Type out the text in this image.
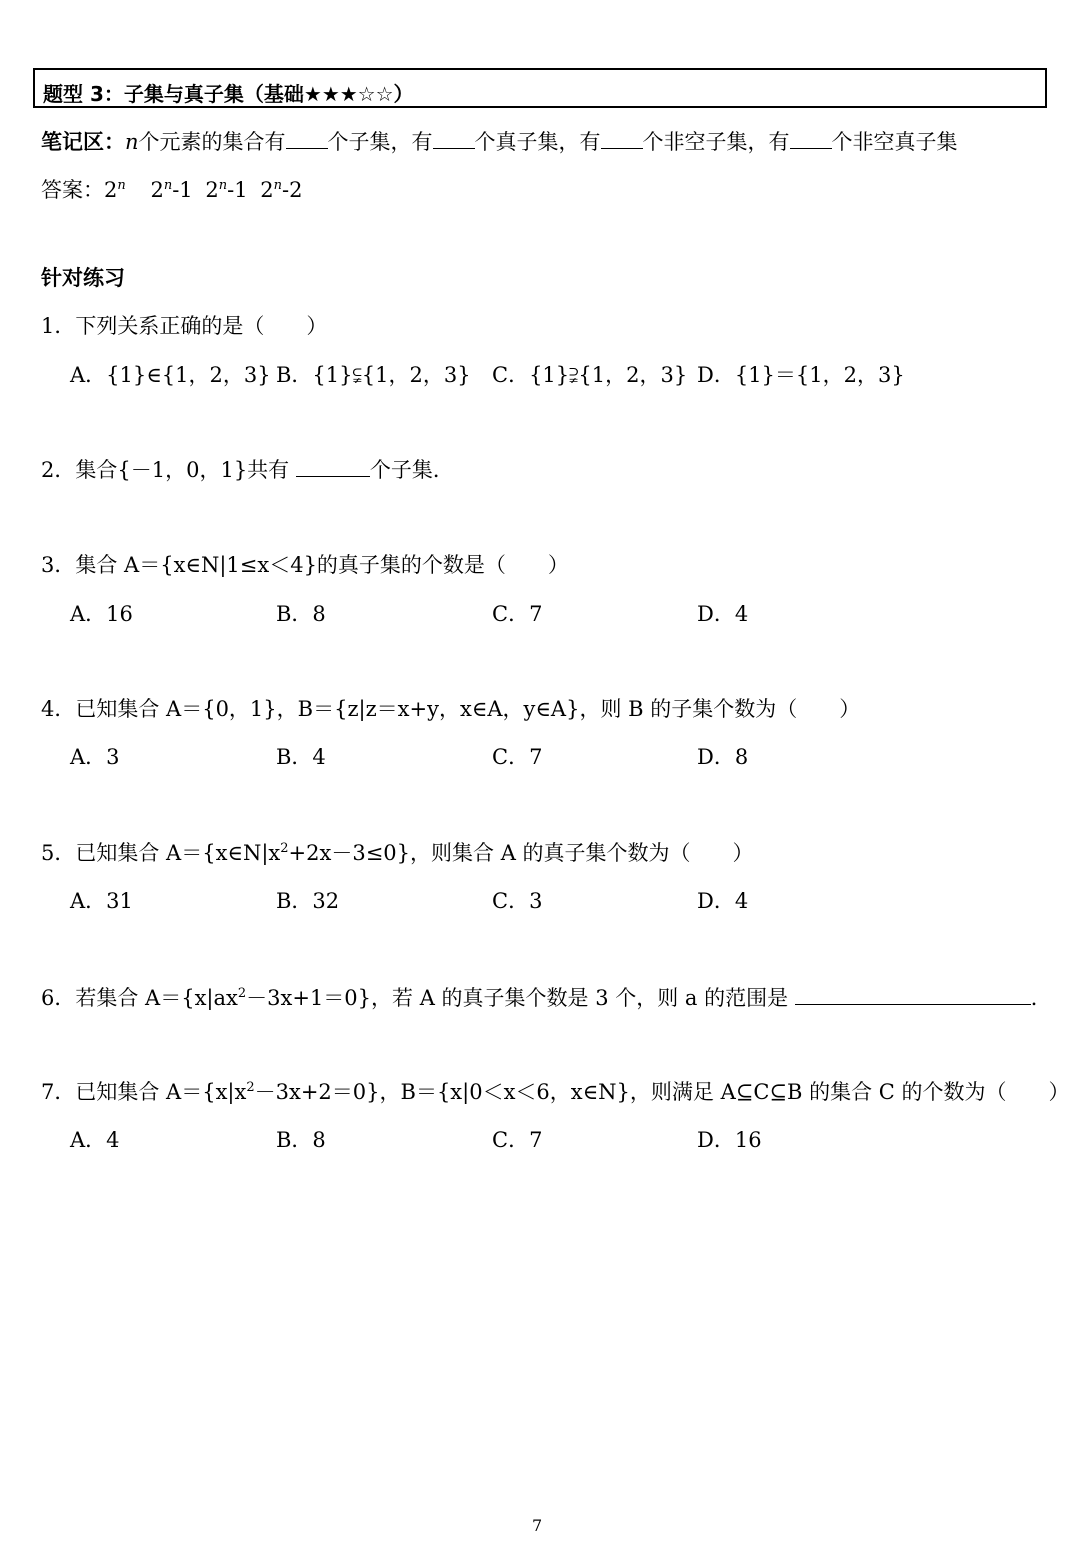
题型 3：子集与真子集（基础★★★☆☆）
笔记区：n个元素的集合有 个子集，有 个真子集，有 个非空子集，有 个非空真子集
答案：2$^n$ 2$^n$-1 2$^n$-1 2$^n$-2
针对练习
1．下列关系正确的是（　　）
A．{1}∈{1，2，3} B．{1}⫋{1，2，3} C．{1}⫌{1，2，3} D．{1}＝{1，2，3}
2．集合{－1，0，1}共有	个子集．
3．集合 A＝{x∈N|1≤x＜4}的真子集的个数是（　　）
A．16	B．8	C．7	D．4
4．已知集合 A＝{0，1}，B＝{z|z＝x+y，x∈A，y∈A}，则 B 的子集个数为（　　）
A．3	B．4	C．7	D．8
5．已知集合 $A=\{x\in N|x^2+2x-3\le 0\}$，则集合 A 的真子集个数为（　　）
A．31	B．32	C．3	D．4
6．若集合 $A=\{x|ax^2-3x+1=0\}$，若 A 的真子集个数是 3 个，则 a 的范围是	．
7．已知集合 $A=\{x|x^2-3x+2=0\}$，B＝{x|0＜x＜6，x∈N}，则满足 A⊆C⊆B 的集合 C 的个数为（　　）
A．4	B．8	C．7	D．16
7
